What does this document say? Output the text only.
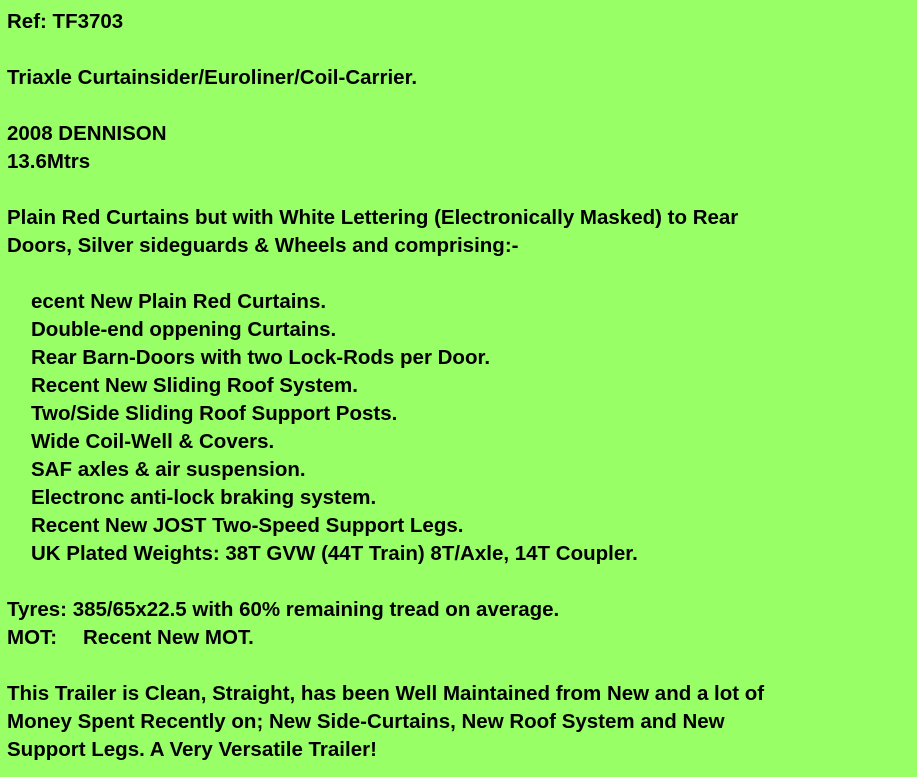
Ref: TF3703
Triaxle Curtainsider/Euroliner/Coil-Carrier.
2008 DENNISON
13.6Mtrs
Plain Red Curtains but with White Lettering (Electronically Masked) to Rear
Doors, Silver sideguards & Wheels and comprising:-
ecent New Plain Red Curtains.
Double-end oppening Curtains.
Rear Barn-Doors with two Lock-Rods per Door.
Recent New Sliding Roof System.
Two/Side Sliding Roof Support Posts.
Wide Coil-Well & Covers.
SAF axles & air suspension.
Electronc anti-lock braking system.
Recent New JOST Two-Speed Support Legs.
UK Plated Weights: 38T GVW (44T Train) 8T/Axle, 14T Coupler.
Tyres: 385/65x22.5 with 60% remaining tread on average.
MOT: Recent New MOT.
This Trailer is Clean, Straight, has been Well Maintained from New and a lot of
Money Spent Recently on; New Side-Curtains, New Roof System and New
Support Legs. A Very Versatile Trailer!
